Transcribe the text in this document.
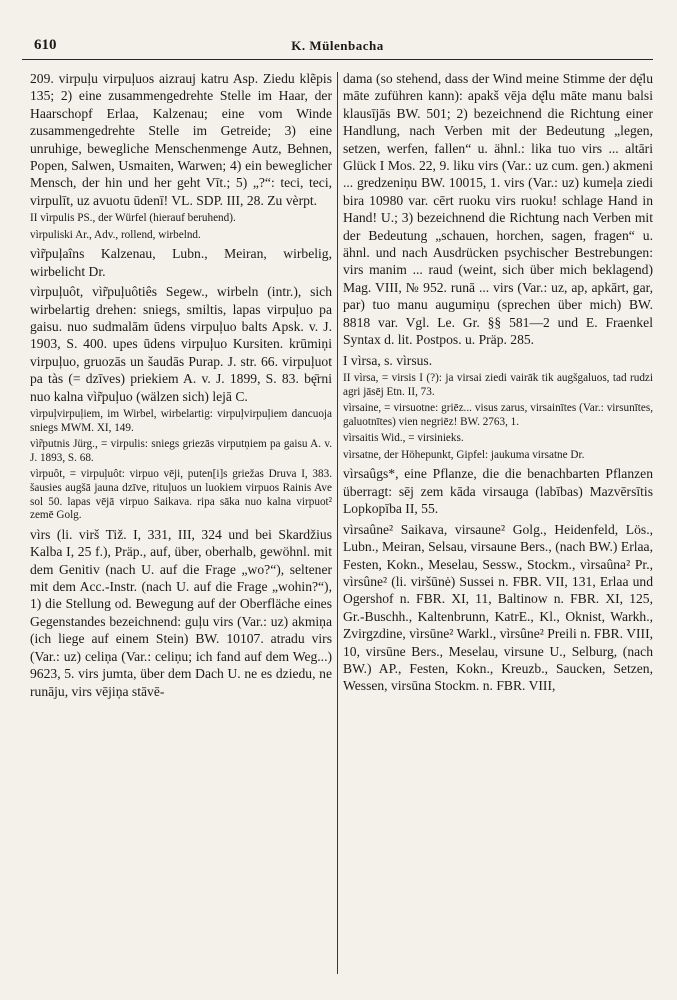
610	K. Mülenbacha

209. virpuļu virpuļuos aizrauj katru Asp. Ziedu klẽpis 135; 2) eine zusammengedrehte Stelle im Haar, der Haarschopf Erlaa, Kalzenau; eine vom Winde zusammengedrehte Stelle im Getreide; 3) eine unruhige, bewegliche Menschenmenge Autz, Behnen, Popen, Salwen, Usmaiten, Warwen; 4) ein beweglicher Mensch, der hin und her geht Vīt.; 5) „?“: teci, teci, virpulīt, uz avuotu ūdenī! VL. SDP. III, 28. Zu vèrpt.

II vìrpulis PS., der Würfel (hierauf beruhend).

vìrpuliski Ar., Adv., rollend, wirbelnd.

vìr̃puļaîns Kalzenau, Lubn., Meiran, wirbelig, wirbelicht Dr.

vìrpuļuôt, vìr̃puļuôtiês Segew., wirbeln (intr.), sich wirbelartig drehen: sniegs, smiltis, lapas virpuļuo pa gaisu. nuo sudmalām ūdens virpuļuo balts Apsk. v. J. 1903, S. 400. upes ūdens virpuļuo Kursiten. krūmiņi virpuļuo, gruozās un šaudās Purap. J. str. 66. virpuļuot pa tàs (= dzīves) priekiem A. v. J. 1899, S. 83. bę̄rni nuo kalna vìr̃puļuo (wälzen sich) lejā C.

vìrpuļvirpuļiem, im Wirbel, wirbelartig: virpuļvirpuļiem dancuoja sniegs MWM. XI, 149.

vìr̃putnis Jürg., = virpulis: sniegs griezās virputņiem pa gaisu A. v. J. 1893, S. 68.

vìrpuôt, = virpuļuôt: virpuo vēji, puten[i]s griežas Druva I, 383. šausies augšā jauna dzīve, rituļuos un luokiem virpuos Rainis Ave sol 50. lapas vējā virpuo Saikava. ripa sāka nuo kalna virpuot² zemē Golg.

vìrs (li. virš Tiž. I, 331, III, 324 und bei Skardžius Kalba I, 25 f.), Präp., auf, über, oberhalb, gewöhnl. mit dem Genitiv (nach U. auf die Frage „wo?“), seltener mit dem Acc.-Instr. (nach U. auf die Frage „wohin?“), 1) die Stellung od. Bewegung auf der Oberfläche eines Gegenstandes bezeichnend: guļu virs (Var.: uz) akmiņa (ich liege auf einem Stein) BW. 10107. atradu virs (Var.: uz) celiņa (Var.: celiņu; ich fand auf dem Weg...) 9623, 5. virs jumta, über dem Dach U. ne es dziedu, ne runāju, virs vējiņa stāvē-

dama (so stehend, dass der Wind meine Stimme der dę̄lu māte zuführen kann): apakš vēja dę̄lu māte manu balsi klausījās BW. 501; 2) bezeichnend die Richtung einer Handlung, nach Verben mit der Bedeutung „legen, setzen, werfen, fallen“ u. ähnl.: lika tuo virs ... altāri Glück I Mos. 22, 9. liku virs (Var.: uz cum. gen.) akmeni ... gredzeniņu BW. 10015, 1. virs (Var.: uz) kumeļa ziedi bira 10980 var. cērt ruoku virs ruoku! schlage Hand in Hand! U.; 3) bezeichnend die Richtung nach Verben mit der Bedeutung „schauen, horchen, sagen, fragen“ u. ähnl. und nach Ausdrücken psychischer Bestrebungen: virs manim ... raud (weint, sich über mich beklagend) Mag. VIII, № 952. runā ... virs (Var.: uz, ap, apkārt, gar, par) tuo manu augumiņu (sprechen über mich) BW. 8818 var. Vgl. Le. Gr. §§ 581—2 und E. Fraenkel Syntax d. lit. Postpos. u. Präp. 285.

I vìrsa, s. vìrsus.

II vìrsa, = virsis I (?): ja virsai ziedi vairāk tik augšgaluos, tad rudzi agri jāsēj Etn. II, 73.

vìrsaine, = virsuotne: griēz... visus zarus, virsainītes (Var.: virsunītes, galuotnītes) vien negriēz! BW. 2763, 1.

vìrsaitis Wid., = virsinieks.

vìrsatne, der Höhepunkt, Gipfel: jaukuma virsatne Dr.

vìrsaûgs*, eine Pflanze, die die benachbarten Pflanzen überragt: sēj zem kāda virsauga (labības) Mazvērsītis Lopkopība II, 55.

vìrsaûne² Saikava, virsaune² Golg., Heidenfeld, Lös., Lubn., Meiran, Selsau, virsaune Bers., (nach BW.) Erlaa, Festen, Kokn., Meselau, Sessw., Stockm., vìrsaûna² Pr., vìrsûne² (li. viršūnė) Sussei n. FBR. VII, 131, Erlaa und Ogershof n. FBR. XI, 11, Baltinow n. FBR. XI, 125, Gr.-Buschh., Kaltenbrunn, KatrE., Kl., Oknist, Warkh., Zvirgzdine, vìrsūne² Warkl., vìrsûne² Preili n. FBR. VIII, 10, virsūne Bers., Meselau, virsune U., Selburg, (nach BW.) AP., Festen, Kokn., Kreuzb., Saucken, Setzen, Wessen, virsūna Stockm. n. FBR. VIII,
